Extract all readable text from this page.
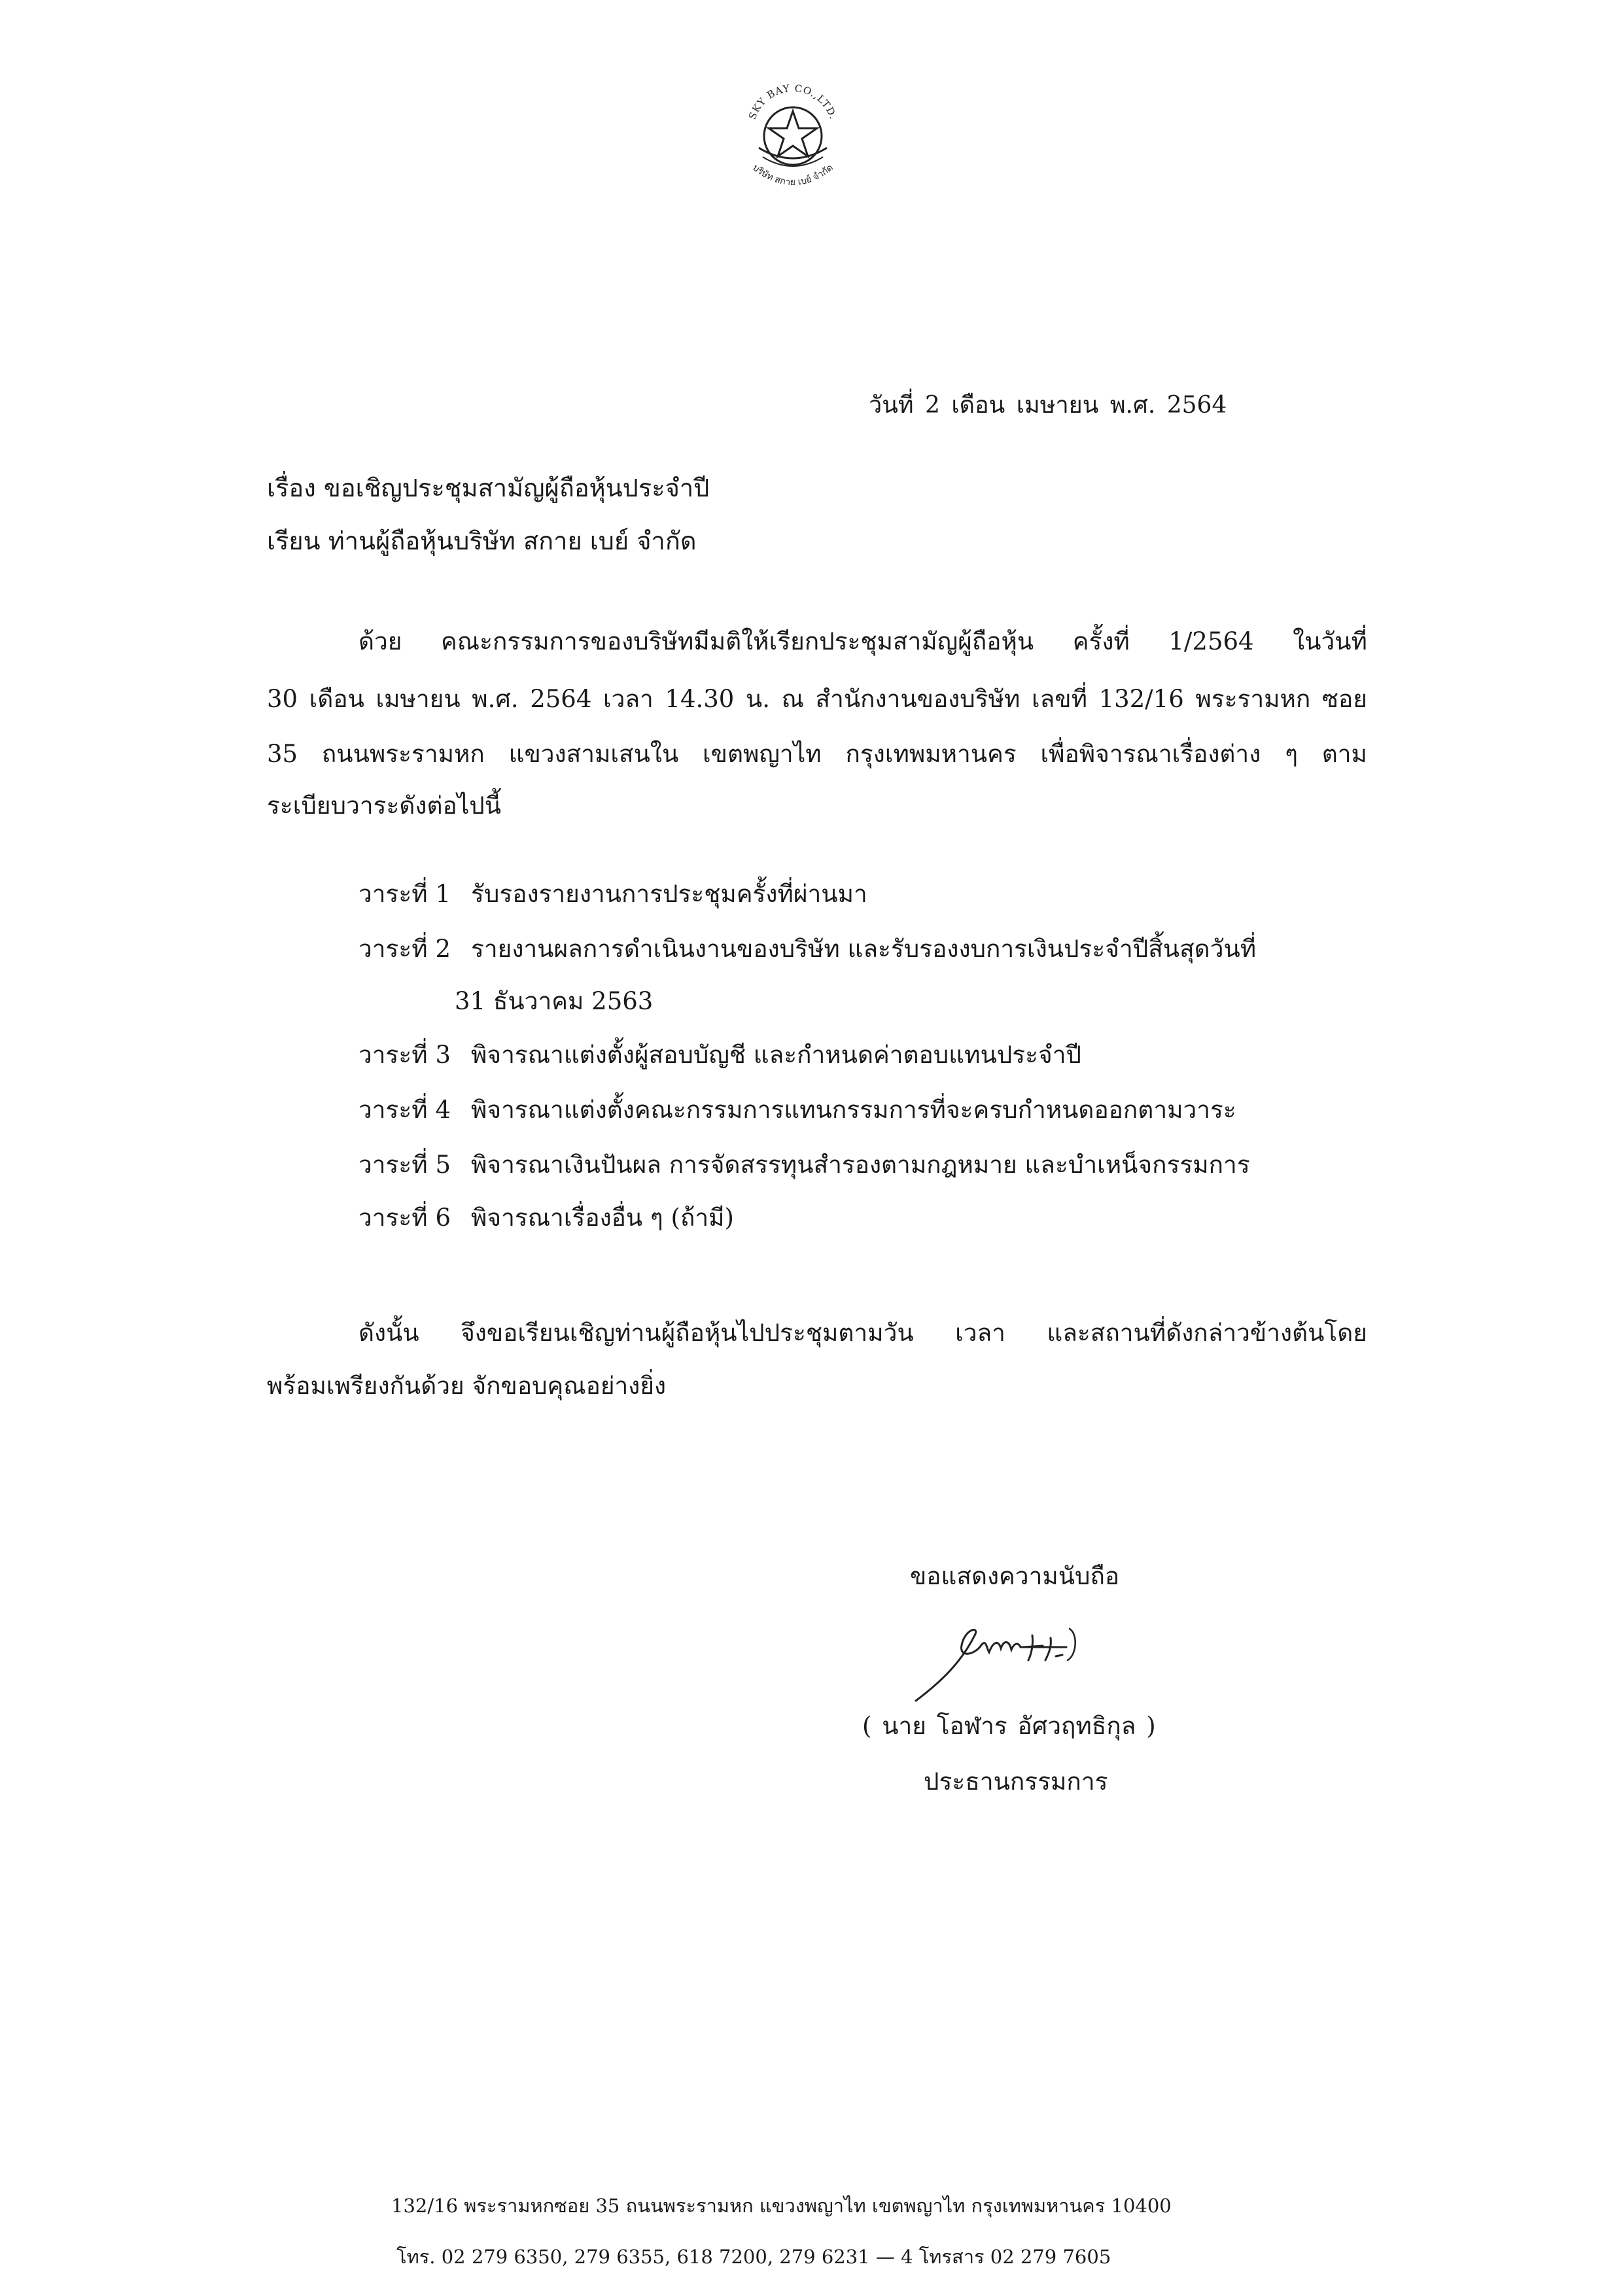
SKY BAY CO.,LTD.
บริษัท สกาย เบย์ จำกัด
วันที่ 2 เดือน เมษายน พ.ศ. 2564
เรื่อง ขอเชิญประชุมสามัญผู้ถือหุ้นประจำปี
เรียน ท่านผู้ถือหุ้นบริษัท สกาย เบย์ จำกัด
ด้วย คณะกรรมการของบริษัทมีมติให้เรียกประชุมสามัญผู้ถือหุ้น ครั้งที่ 1/2564 ในวันที่
30 เดือน เมษายน พ.ศ. 2564 เวลา 14.30 น. ณ สำนักงานของบริษัท เลขที่ 132/16 พระรามหก ซอย
35 ถนนพระรามหก แขวงสามเสนใน เขตพญาไท กรุงเทพมหานคร เพื่อพิจารณาเรื่องต่าง ๆ ตาม
ระเบียบวาระดังต่อไปนี้
วาระที่ 1 รับรองรายงานการประชุมครั้งที่ผ่านมา
วาระที่ 2 รายงานผลการดำเนินงานของบริษัท และรับรองงบการเงินประจำปีสิ้นสุดวันที่
31 ธันวาคม 2563
วาระที่ 3 พิจารณาแต่งตั้งผู้สอบบัญชี และกำหนดค่าตอบแทนประจำปี
วาระที่ 4 พิจารณาแต่งตั้งคณะกรรมการแทนกรรมการที่จะครบกำหนดออกตามวาระ
วาระที่ 5 พิจารณาเงินปันผล การจัดสรรทุนสำรองตามกฎหมาย และบำเหน็จกรรมการ
วาระที่ 6 พิจารณาเรื่องอื่น ๆ (ถ้ามี)
ดังนั้น จึงขอเรียนเชิญท่านผู้ถือหุ้นไปประชุมตามวัน เวลา และสถานที่ดังกล่าวข้างต้นโดย
พร้อมเพรียงกันด้วย จักขอบคุณอย่างยิ่ง
ขอแสดงความนับถือ
( นาย โอฬาร อัศวฤทธิกุล )
ประธานกรรมการ
132/16 พระรามหกซอย 35 ถนนพระรามหก แขวงพญาไท เขตพญาไท กรุงเทพมหานคร 10400
โทร. 02 279 6350, 279 6355, 618 7200, 279 6231 — 4 โทรสาร 02 279 7605
